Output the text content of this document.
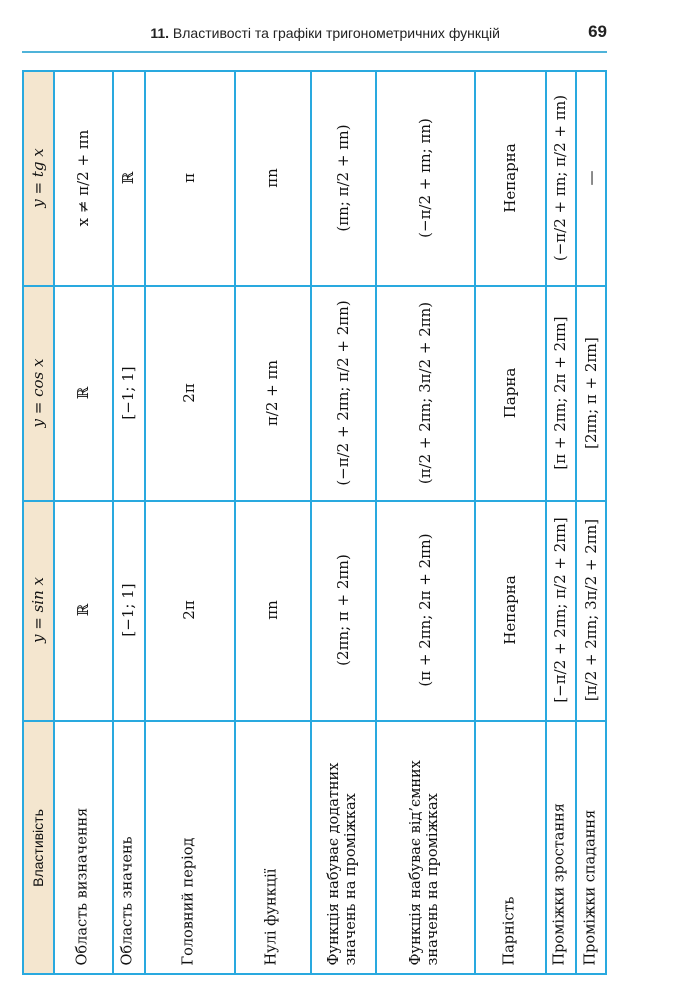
11. Властивості та графіки тригонометричних функцій	69
Властивість
y = sin x
y = cos x
y = tg x
Область визначення
ℝ
ℝ
x ≠ π/2 + πn
Область значень
[−1; 1]
[−1; 1]
ℝ
Головний період
2π
2π
π
Нулі функції
πn
π/2 + πn
πn
Функція набуває додатних значень на проміжках
(2πn; π + 2πn)
(−π/2 + 2πn; π/2 + 2πn)
(πn; π/2 + πn)
Функція набуває від’ємних значень на проміжках
(π + 2πn; 2π + 2πn)
(π/2 + 2πn; 3π/2 + 2πn)
(−π/2 + πn; πn)
Парність
Непарна
Парна
Непарна
Проміжки зростання
[−π/2 + 2πn; π/2 + 2πn]
[π + 2πn; 2π + 2πn]
(−π/2 + πn; π/2 + πn)
Проміжки спадання
[π/2 + 2πn; 3π/2 + 2πn]
[2πn; π + 2πn]
—
